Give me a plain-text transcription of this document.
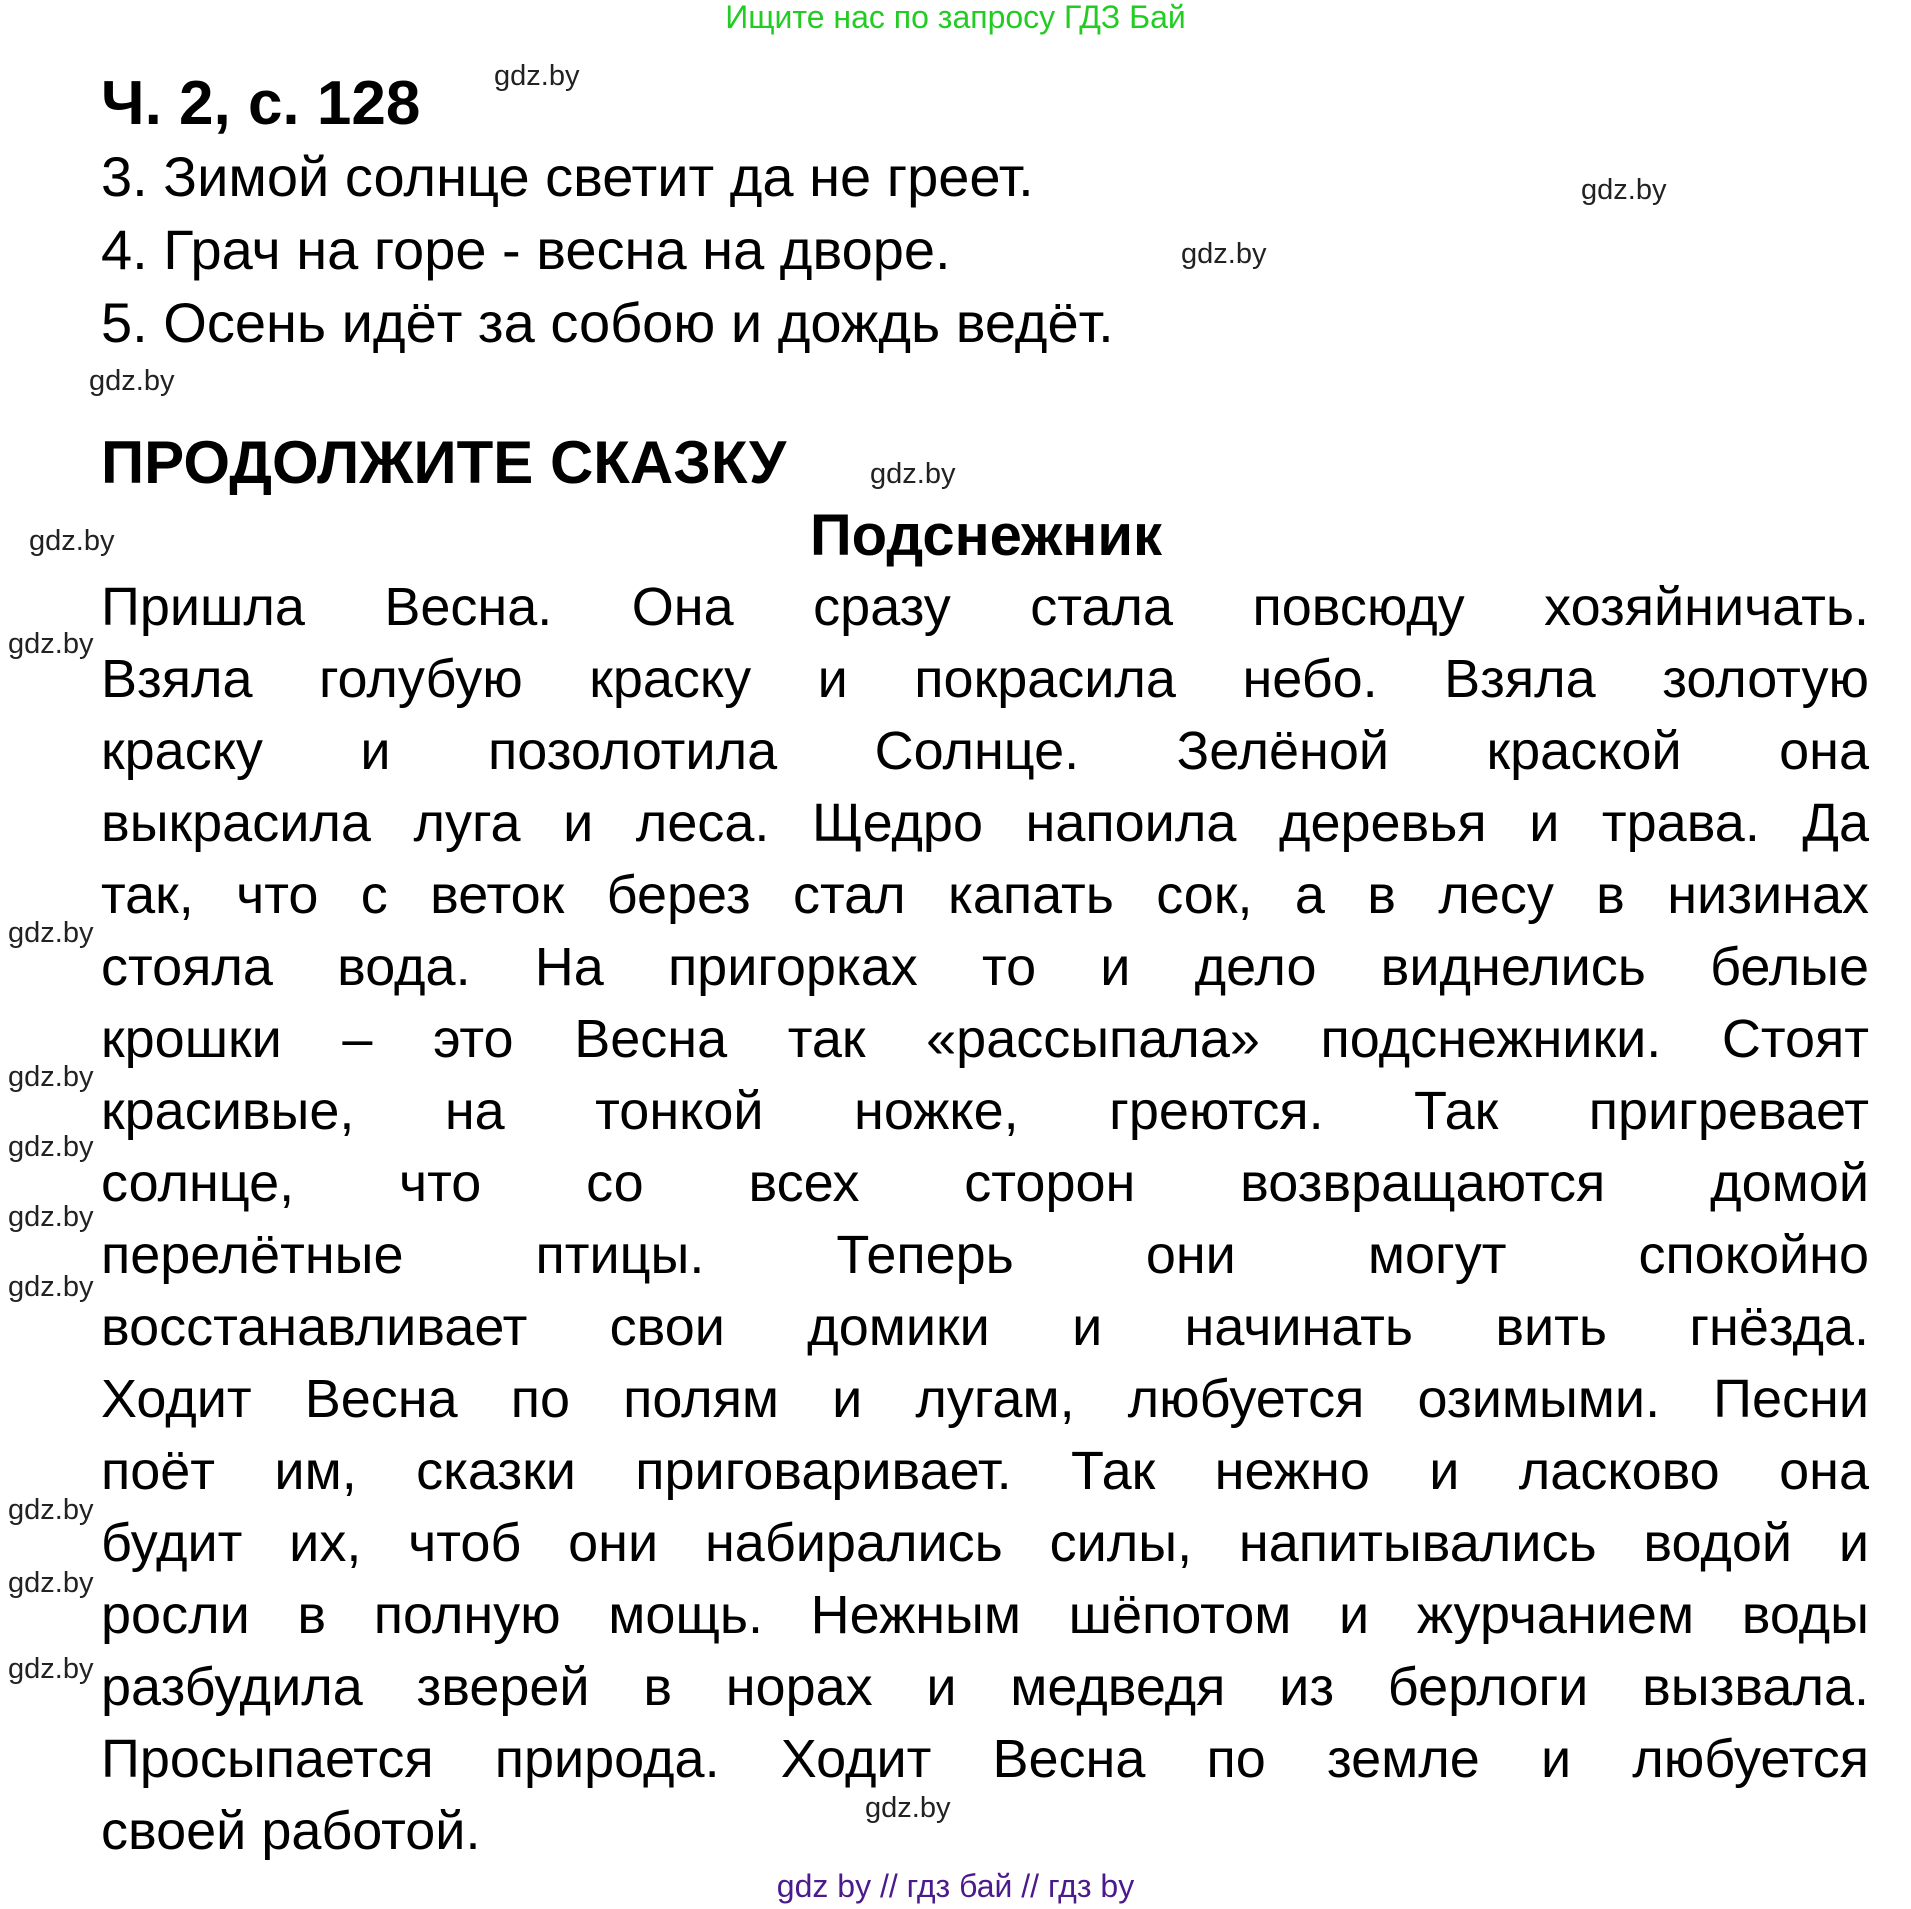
Ищите нас по запросу ГДЗ Бай
Ч. 2, с. 128
3. Зимой солнце светит да не греет.
4. Грач на горе - весна на дворе.
5. Осень идёт за собою и дождь ведёт.
ПРОДОЛЖИТЕ СКАЗКУ
Подснежник
Пришла Весна. Она сразу стала повсюду хозяйничать.
Взяла голубую краску и покрасила небо. Взяла золотую
краску и позолотила Солнце. Зелёной краской она
выкрасила луга и леса. Щедро напоила деревья и трава. Да
так, что с веток берез стал капать сок, а в лесу в низинах
стояла вода. На пригорках то и дело виднелись белые
крошки – это Весна так «рассыпала» подснежники. Стоят
красивые, на тонкой ножке, греются. Так пригревает
солнце, что со всех сторон возвращаются домой
перелётные птицы. Теперь они могут спокойно
восстанавливает свои домики и начинать вить гнёзда.
Ходит Весна по полям и лугам, любуется озимыми. Песни
поёт им, сказки приговаривает. Так нежно и ласково она
будит их, чтоб они набирались силы, напитывались водой и
росли в полную мощь. Нежным шёпотом и журчанием воды
разбудила зверей в норах и медведя из берлоги вызвала.
Просыпается природа. Ходит Весна по земле и любуется
своей работой.
gdz.by
gdz.by
gdz.by
gdz.by
gdz.by
gdz.by
gdz.by
gdz.by
gdz.by
gdz.by
gdz.by
gdz.by
gdz.by
gdz.by
gdz.by
gdz.by
gdz by // гдз бай // гдз by
